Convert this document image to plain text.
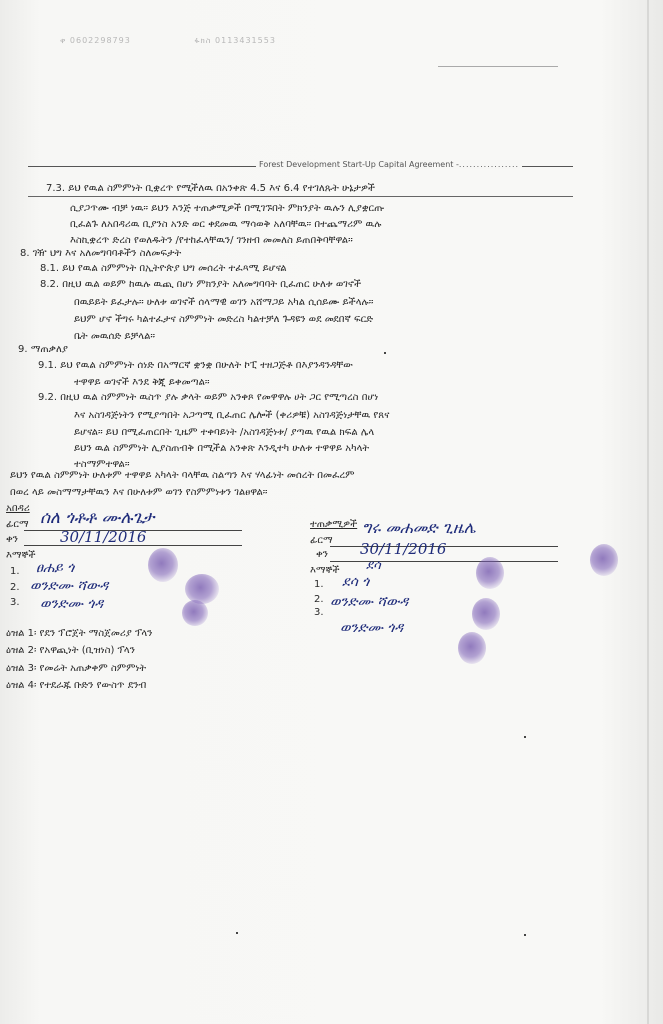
ቀ 0602298793	ፋክስ 0113431553
Forest Development Start-Up Capital Agreement -.................
7.3. ይህ የዉል ስምምነት ቢቋረጥ የሚችለዉ በአንቀጽ 4.5 እና 6.4 የተገለጹት ሁኔታዎች
ሲያጋጥሙ ብቻ ነዉ። ይህን እንጅ ተጠቃሚዎች በሚገኙበት ምክንያት ዉሉን ሊያቋርጡ
ቢፈልጉ ለአበዳሪዉ ቢያንስ አንድ ወር ቀደመዉ ማሳወቅ አለባቸዉ። በተጨማሪም ዉሉ
እስኪቋረጥ ድረስ የወለዱትን /የተከፈላቸዉን/ ገንዘብ መመለስ ይጠበቅባቸዋል።
8. ገዥ ህግ እና አለመግባባቶችን ስለመፍታት
8.1. ይህ የዉል ስምምነት በኢትዮጵያ ህግ መሰረት ተፈጻሚ ይሆናል
8.2. በዚህ ዉል ወይም ከዉሉ ዉጪ በሆነ ምክንያት አለመግባባት ቢፈጠር ሁለቱ ወገኖች
በዉይይት ይፈታሉ። ሁለቱ ወገኖች ሰላማዊ ወገን አሸማጋይ አካል ሲሰይሙ ይችላሉ።
ይህም ሆኖ ችግሩ ካልተፈታና ስምምነት መድረስ ካልተቻለ ጉዳዩን ወደ መደበኛ ፍርድ
ቤት መዉሰድ ይቻላል።
9. ማጠቃለያ
9.1. ይህ የዉል ስምምነት ሰነድ በአማርኛ ቋንቋ በሁለት ኮፒ ተዘጋጅቶ በእያንዳንዳቸው
ተዋዋይ ወገኖች እንደ ቅጂ ይቀመጣል።
9.2. በዚህ ዉል ስምምነት ዉስጥ ያሉ ቃላት ወይም አንቀጾ የመዋዋሉ ሀት ጋር የሚጣረስ በሆነ
እና አስገዳጅነትን የሚያጣበት አጋጣሚ ቢፈጠር ሌሎች (ቀሪዎቹ) አስገዳጅነታቸዉ የጸና
ይሆናል። ይህ በሚፈጠርበት ጊዜም ተቀባይነት /አስገዳጅነቱ/ ያጣዉ የዉል ክፍል ሌላ
ይህን ዉል ስምምነት ሊያስጠብቅ በሚችል አንቀጽ እንዲተካ ሁለቱ ተዋዋይ አካላት
ተስማምተዋል።
ይህን የዉል ስምምነት ሁለቱም ተዋዋይ አካላት ባላቸዉ ስልጣን እና ሃላፊነት መሰረት በመፈረም
በወረ ላይ መስማማታቸዉን እና በሁለቱም ወገን የስምምነቱን ገልፀዋል።
አበዳሪ
ፊርማ
ቀን
እማኞች
1.
2.
3.
ሰለ ጎቶቶ ሙሉጌታ
30/11/2016
ፀሐይ ጎ
ወንድሙ ሻውዳ
ወንድሙ ጎዳ
ተጠቃሚዎች
ፊርማ
ቀን
እማኞች
1.
2.
3.
ግሩ መሐመድ ጊዜሌ
30/11/2016
ደሳ
ደሳ ጎ
ወንድሙ ሻውዳ
ወንድሙ ጎዳ
ዕዝል 1፡ የደን ፕሮጀት ማስጀመሪያ ፕላን
ዕዝል 2፡ የአዋጪነት (ቢዝነስ) ፕላን
ዕዝል 3፡ የመሬት አጠቃቀም ስምምነት
ዕዝል 4፡ የተደራጁ ቡድን የውስጥ ደንብ
